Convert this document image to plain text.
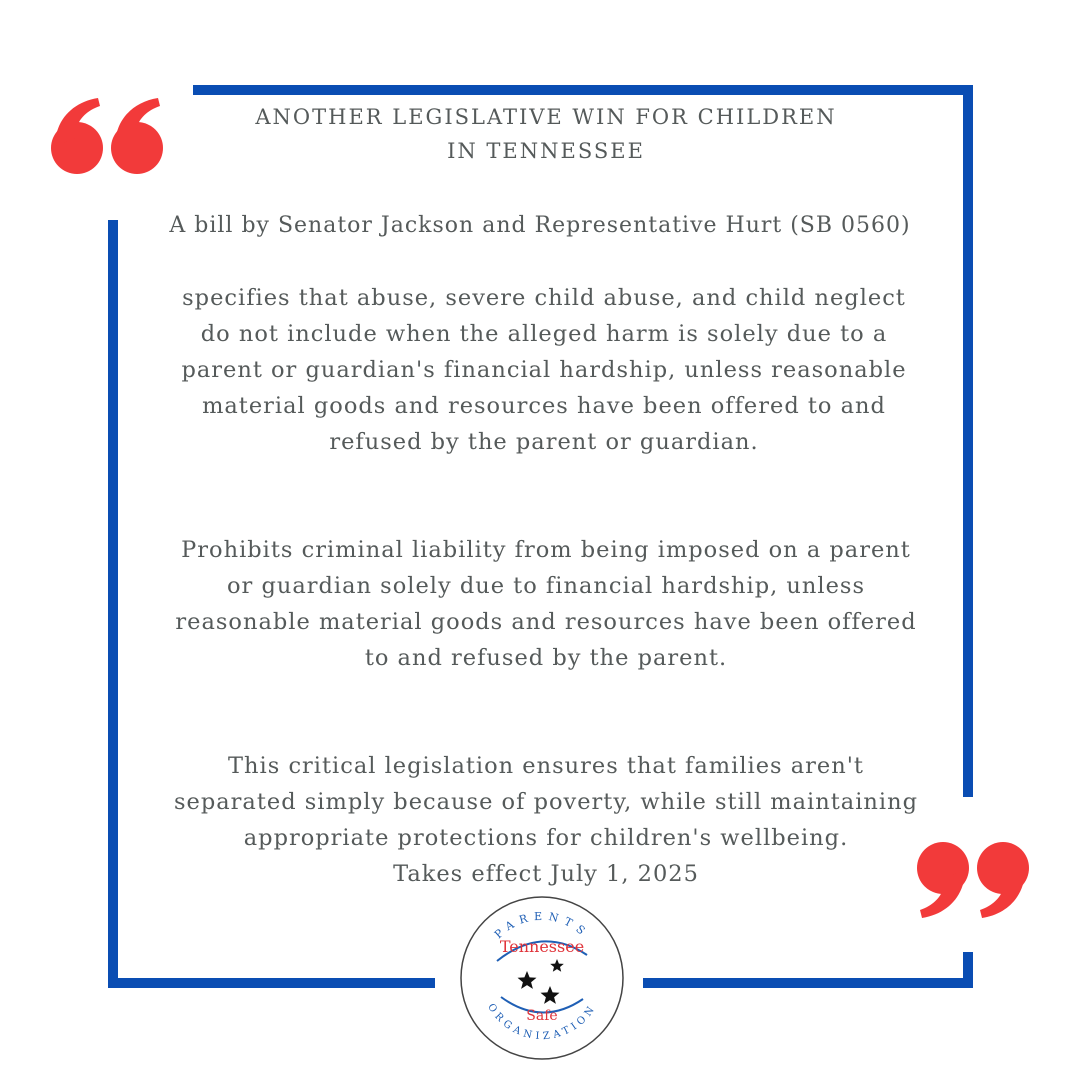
ANOTHER LEGISLATIVE WIN FOR CHILDREN
IN TENNESSEE

A bill by Senator Jackson and Representative Hurt (SB 0560)

specifies that abuse, severe child abuse, and child neglect
do not include when the alleged harm is solely due to a
parent or guardian's financial hardship, unless reasonable
material goods and resources have been offered to and
refused by the parent or guardian.
Prohibits criminal liability from being imposed on a parent
or guardian solely due to financial hardship, unless
reasonable material goods and resources have been offered
to and refused by the parent.
This critical legislation ensures that families aren't
separated simply because of poverty, while still maintaining
appropriate protections for children's wellbeing.
Takes effect July 1, 2025
PARENTS
ORGANIZATION
Tennessee
Safe
